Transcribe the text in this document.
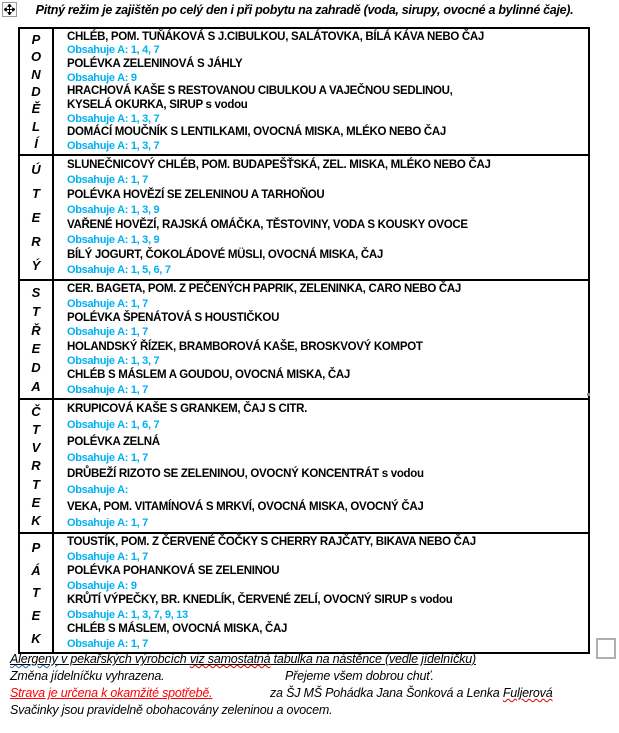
Pitný režim je zajištěn po celý den i při pobytu na zahradě (voda, sirupy, ovocné a bylinné čaje).
P
O
N
D
Ě
L
Í
CHLÉB, POM. TUŇÁKOVÁ S J.CIBULKOU, SALÁTOVKA, BÍLÁ KÁVA NEBO ČAJ
Obsahuje A: 1, 4, 7
POLÉVKA ZELENINOVÁ S JÁHLY
Obsahuje A: 9
HRACHOVÁ KAŠE S RESTOVANOU CIBULKOU A VAJEČNOU SEDLINOU,
KYSELÁ OKURKA, SIRUP s vodou
Obsahuje A: 1, 3, 7
DOMÁCÍ MOUČNÍK S LENTILKAMI, OVOCNÁ MISKA, MLÉKO NEBO ČAJ
Obsahuje A: 1, 3, 7
Ú
T
E
R
Ý
SLUNEČNICOVÝ CHLÉB, POM. BUDAPEŠŤSKÁ, ZEL. MISKA, MLÉKO NEBO ČAJ
Obsahuje A: 1, 7
POLÉVKA HOVĚZÍ SE ZELENINOU A TARHOŇOU
Obsahuje A: 1, 3, 9
VAŘENÉ HOVĚZÍ, RAJSKÁ OMÁČKA, TĚSTOVINY, VODA S KOUSKY OVOCE
Obsahuje A: 1, 3, 9
BÍLÝ JOGURT, ČOKOLÁDOVÉ MÜSLI, OVOCNÁ MISKA, ČAJ
Obsahuje A: 1, 5, 6, 7
S
T
Ř
E
D
A
CER. BAGETA, POM. Z PEČENÝCH PAPRIK, ZELENINKA, CARO NEBO ČAJ
Obsahuje A: 1, 7
POLÉVKA ŠPENÁTOVÁ S HOUSTIČKOU
Obsahuje A: 1, 7
HOLANDSKÝ ŘÍZEK, BRAMBOROVÁ KAŠE, BROSKVOVÝ KOMPOT
Obsahuje A: 1, 3, 7
CHLÉB S MÁSLEM A GOUDOU, OVOCNÁ MISKA, ČAJ
Obsahuje A: 1, 7
Č
T
V
R
T
E
K
KRUPICOVÁ KAŠE S GRANKEM, ČAJ S CITR.
Obsahuje A: 1, 6, 7
POLÉVKA ZELNÁ
Obsahuje A: 1, 7
DRŮBEŽÍ RIZOTO SE ZELENINOU, OVOCNÝ KONCENTRÁT s vodou
Obsahuje A:
VEKA, POM. VITAMÍNOVÁ S MRKVÍ, OVOCNÁ MISKA, OVOCNÝ ČAJ
Obsahuje A: 1, 7
P
Á
T
E
K
TOUSTÍK, POM. Z ČERVENÉ ČOČKY S CHERRY RAJČATY, BIKAVA NEBO ČAJ
Obsahuje A: 1, 7
POLÉVKA POHANKOVÁ SE ZELENINOU
Obsahuje A: 9
KRŮTÍ VÝPEČKY, BR. KNEDLÍK, ČERVENÉ ZELÍ, OVOCNÝ SIRUP s vodou
Obsahuje A: 1, 3, 7, 9, 13
CHLÉB S MÁSLEM, OVOCNÁ MISKA, ČAJ
Obsahuje A: 1, 7
Alergeny v pekařských výrobcích viz samostatná tabulka na nástěnce (vedle jídelníčku)
Změna jídelníčku vyhrazena.	Přejeme všem dobrou chuť.
Strava je určena k okamžité spotřebě.	za ŠJ MŠ Pohádka Jana Šonková a Lenka Fuljerová
Svačinky jsou pravidelně obohacovány zeleninou a ovocem.
